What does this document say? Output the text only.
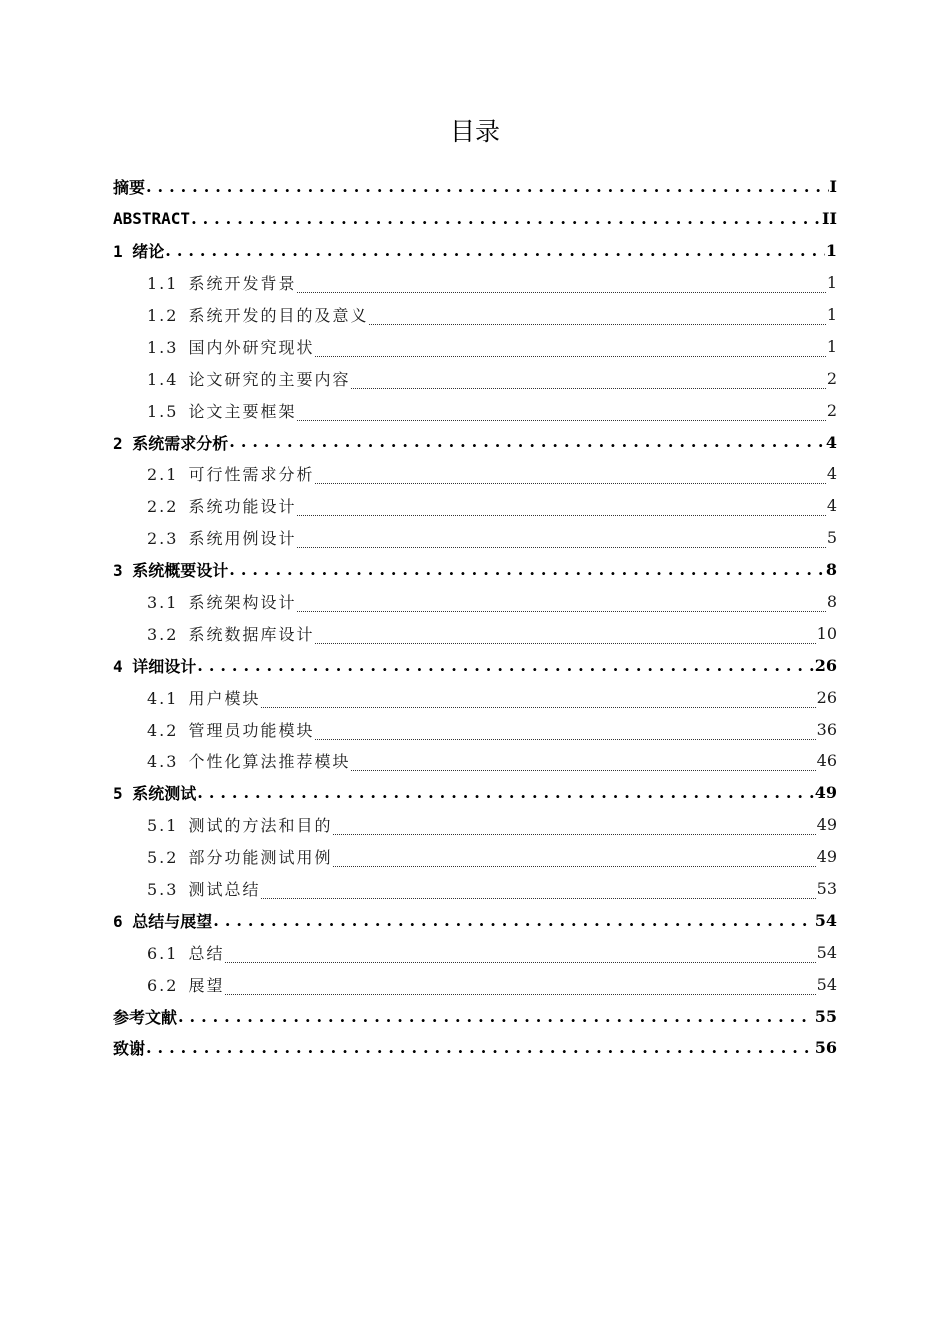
目录
摘要 . . .	I
ABSTRACT . . .	II
1 绪论 . . .	1
1.1 系统开发背景	1
1.2 系统开发的目的及意义	1
1.3 国内外研究现状	1
1.4 论文研究的主要内容	2
1.5 论文主要框架	2
2 系统需求分析 . . .	4
2.1 可行性需求分析	4
2.2 系统功能设计	4
2.3 系统用例设计	5
3 系统概要设计 . . .	8
3.1 系统架构设计	8
3.2 系统数据库设计	10
4 详细设计 . . .	26
4.1 用户模块	26
4.2 管理员功能模块	36
4.3 个性化算法推荐模块	46
5 系统测试 . . .	49
5.1 测试的方法和目的	49
5.2 部分功能测试用例	49
5.3 测试总结	53
6 总结与展望 . . .	54
6.1 总结	54
6.2 展望	54
参考文献 . . .	55
致谢 . . .	56
